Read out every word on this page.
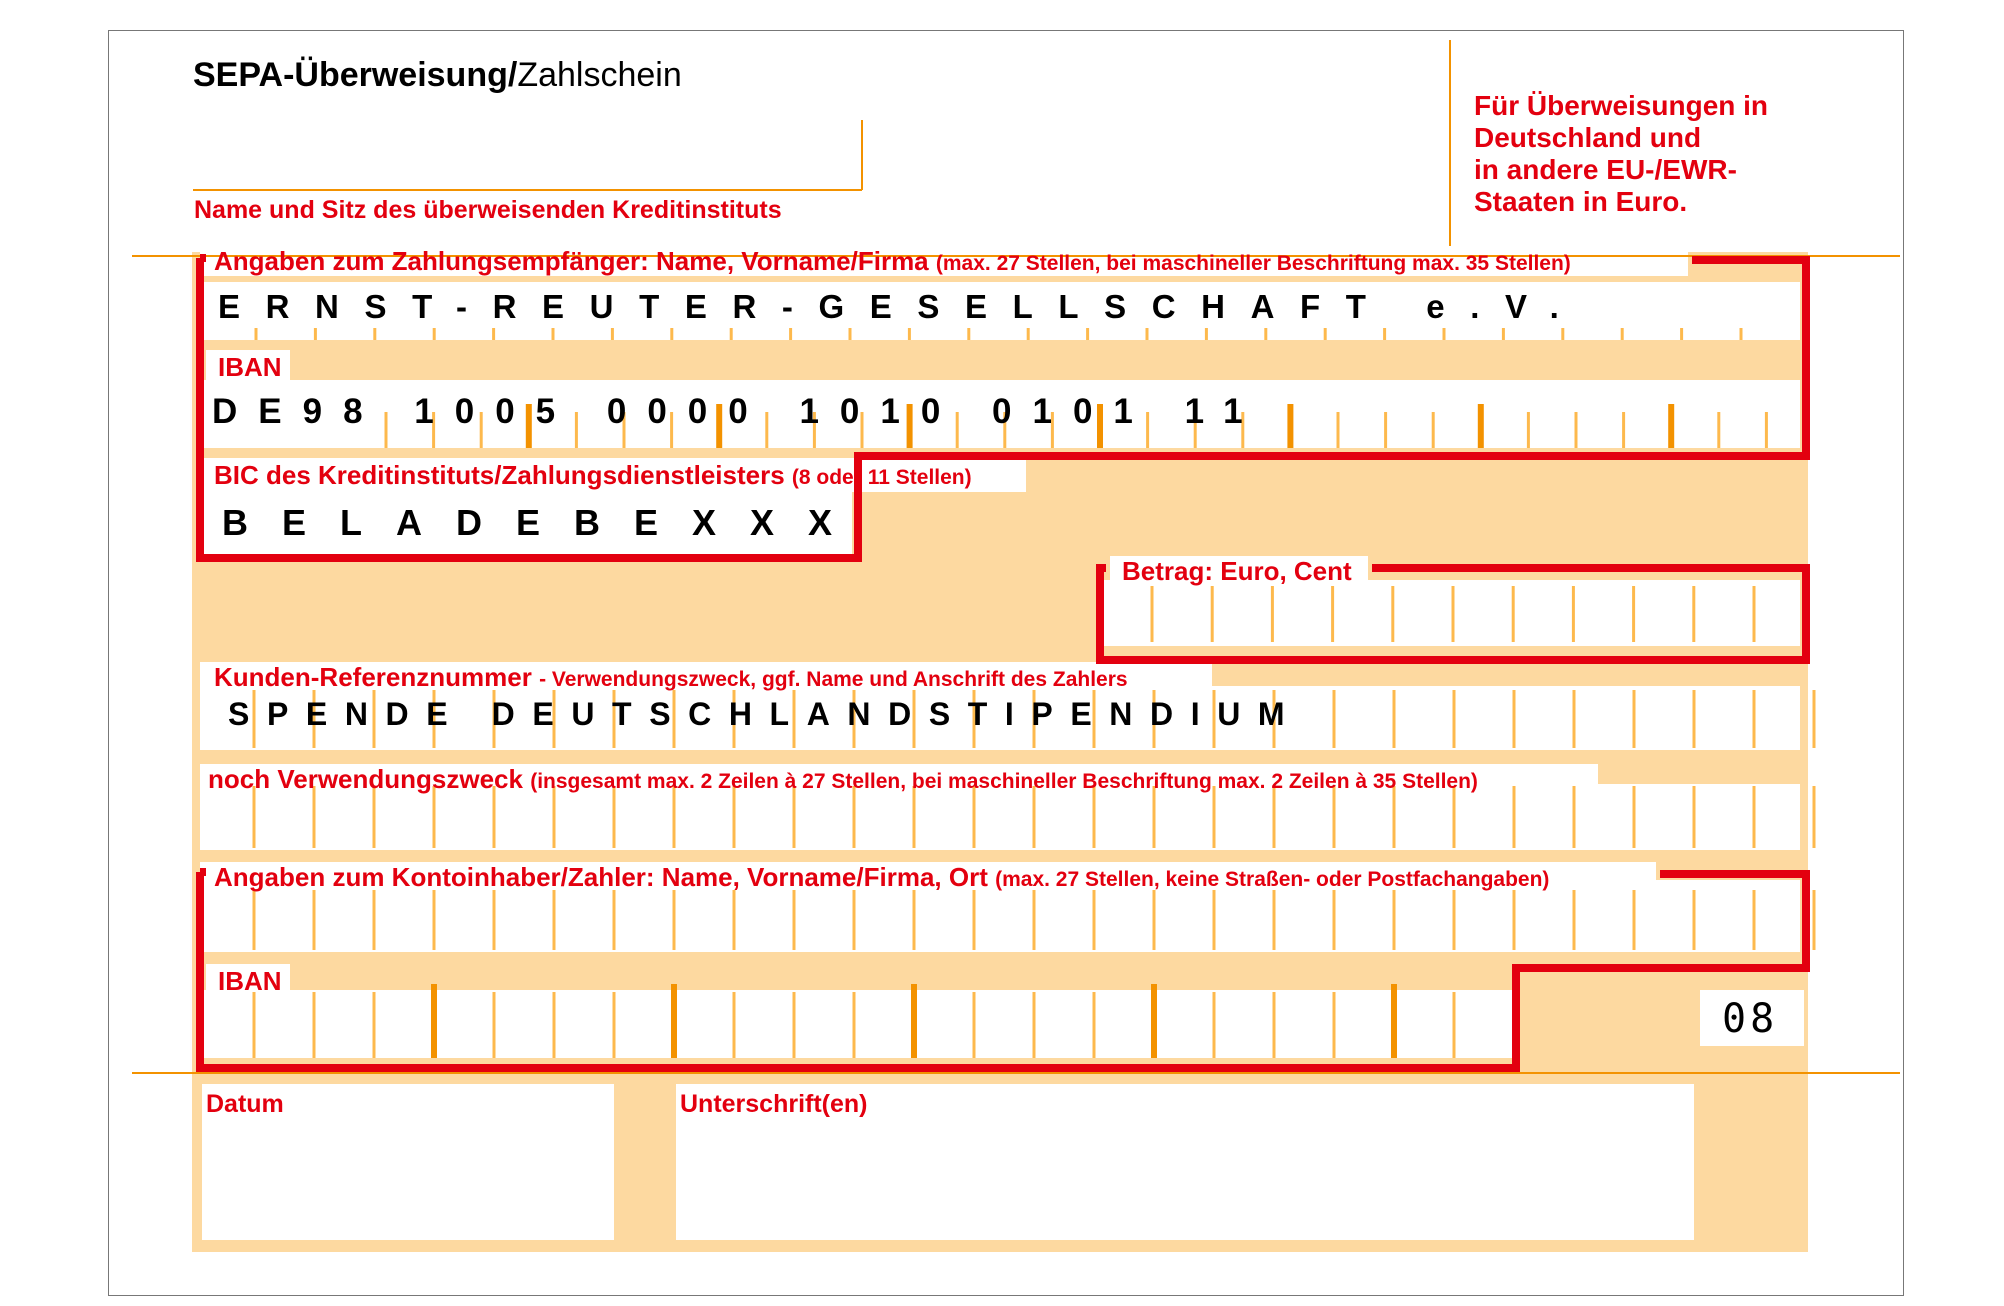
SEPA-Überweisung/Zahlschein
Name und Sitz des überweisenden Kreditinstituts
Für Überweisungen in
Deutschland und
in andere EU-/EWR-
Staaten in Euro.
Angaben zum Zahlungsempfänger: Name, Vorname/Firma (max. 27 Stellen, bei maschineller Beschriftung max. 35 Stellen)
ERNST-REUTER-GESELLSCHAFT e.V.
IBAN
DE98 1005 0000 1010 0101 11
BIC des Kreditinstituts/Zahlungsdienstleisters (8 oder 11 Stellen)
BELADEBEXXX
Betrag: Euro, Cent
Kunden-Referenznummer - Verwendungszweck, ggf. Name und Anschrift des Zahlers
SPENDE DEUTSCHLANDSTIPENDIUM
noch Verwendungszweck (insgesamt max. 2 Zeilen à 27 Stellen, bei maschineller Beschriftung max. 2 Zeilen à 35 Stellen)
Angaben zum Kontoinhaber/Zahler: Name, Vorname/Firma, Ort (max. 27 Stellen, keine Straßen- oder Postfachangaben)
IBAN
08
Datum	Unterschrift(en)
